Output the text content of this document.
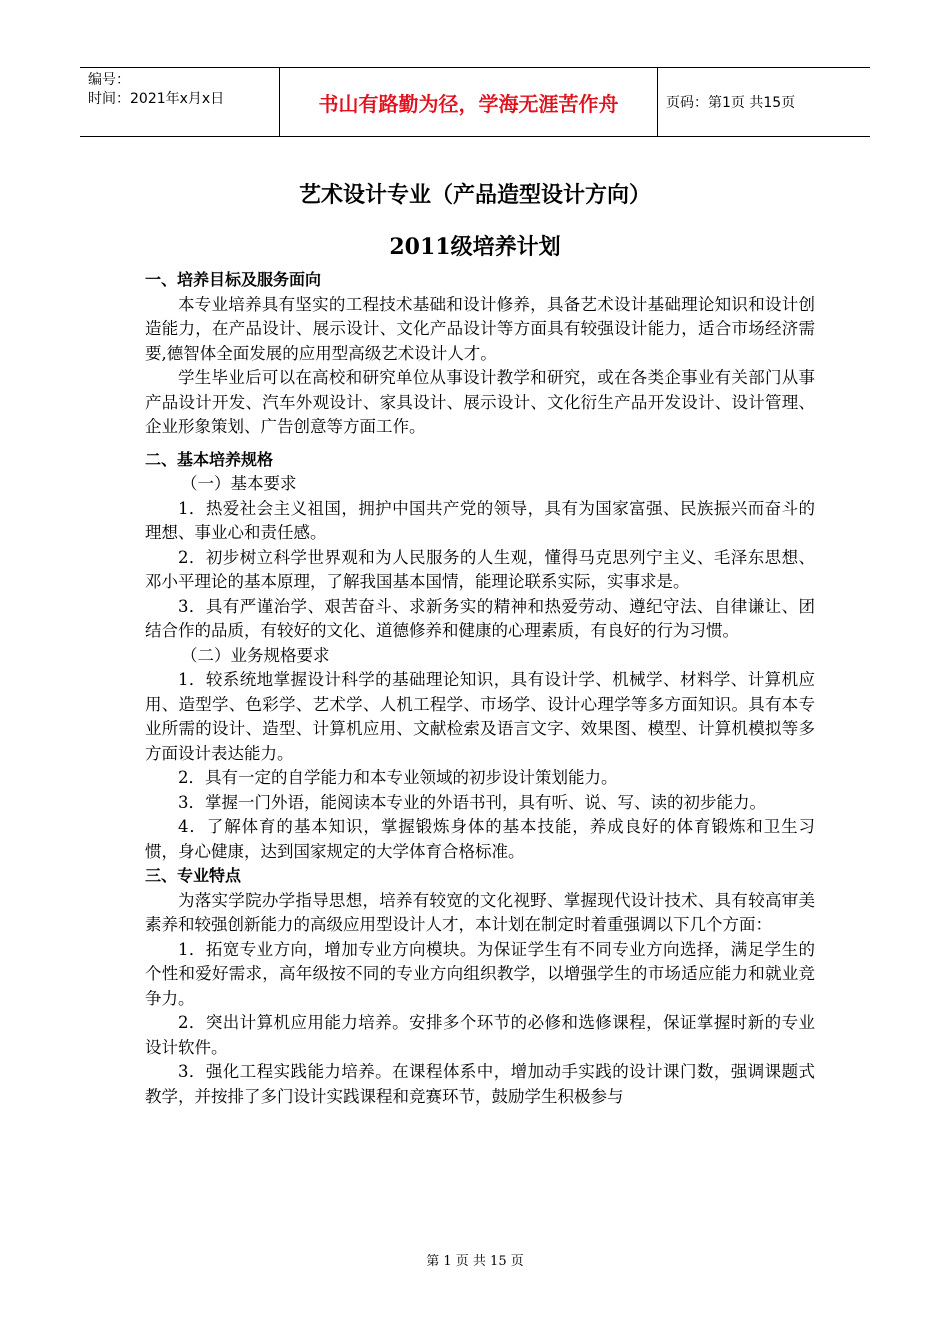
编号：
时间：2021年x月x日	书山有路勤为径，学海无涯苦作舟	页码：第1页 共15页
艺术设计专业（产品造型设计方向）
2011级培养计划

一、培养目标及服务面向

本专业培养具有坚实的工程技术基础和设计修养，具备艺术设计基础理论知识和设计创造能力，在产品设计、展示设计、文化产品设计等方面具有较强设计能力，适合市场经济需要,德智体全面发展的应用型高级艺术设计人才。

学生毕业后可以在高校和研究单位从事设计教学和研究，或在各类企事业有关部门从事产品设计开发、汽车外观设计、家具设计、展示设计、文化衍生产品开发设计、设计管理、企业形象策划、广告创意等方面工作。

二、基本培养规格

（一）基本要求

1．热爱社会主义祖国，拥护中国共产党的领导，具有为国家富强、民族振兴而奋斗的理想、事业心和责任感。

2．初步树立科学世界观和为人民服务的人生观，懂得马克思列宁主义、毛泽东思想、邓小平理论的基本原理，了解我国基本国情，能理论联系实际，实事求是。

3．具有严谨治学、艰苦奋斗、求新务实的精神和热爱劳动、遵纪守法、自律谦让、团结合作的品质，有较好的文化、道德修养和健康的心理素质，有良好的行为习惯。

（二）业务规格要求

1．较系统地掌握设计科学的基础理论知识，具有设计学、机械学、材料学、计算机应用、造型学、色彩学、艺术学、人机工程学、市场学、设计心理学等多方面知识。具有本专业所需的设计、造型、计算机应用、文献检索及语言文字、效果图、模型、计算机模拟等多方面设计表达能力。

2．具有一定的自学能力和本专业领域的初步设计策划能力。

3．掌握一门外语，能阅读本专业的外语书刊，具有听、说、写、读的初步能力。

4．了解体育的基本知识，掌握锻炼身体的基本技能，养成良好的体育锻炼和卫生习惯，身心健康，达到国家规定的大学体育合格标准。

三、专业特点

为落实学院办学指导思想，培养有较宽的文化视野、掌握现代设计技术、具有较高审美素养和较强创新能力的高级应用型设计人才，本计划在制定时着重强调以下几个方面：

1．拓宽专业方向，增加专业方向模块。为保证学生有不同专业方向选择，满足学生的个性和爱好需求，高年级按不同的专业方向组织教学，以增强学生的市场适应能力和就业竞争力。

2．突出计算机应用能力培养。安排多个环节的必修和选修课程，保证掌握时新的专业设计软件。

3．强化工程实践能力培养。在课程体系中，增加动手实践的设计课门数，强调课题式教学，并按排了多门设计实践课程和竞赛环节，鼓励学生积极参与

第 1 页 共 15 页
